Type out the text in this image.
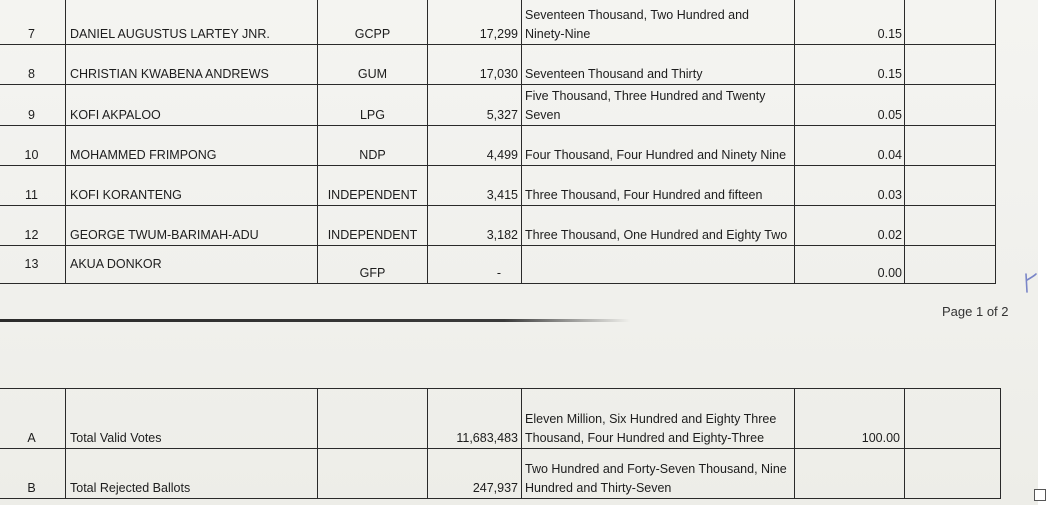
7	DANIEL AUGUSTUS LARTEY JNR.	GCPP	17,299	Seventeen Thousand, Two Hundred and Ninety-Nine	0.15	
8	CHRISTIAN KWABENA ANDREWS	GUM	17,030	Seventeen Thousand and Thirty	0.15	
9	KOFI AKPALOO	LPG	5,327	Five Thousand, Three Hundred and Twenty Seven	0.05	
10	MOHAMMED FRIMPONG	NDP	4,499	Four Thousand, Four Hundred and Ninety Nine	0.04	
11	KOFI KORANTENG	INDEPENDENT	3,415	Three Thousand, Four Hundred and fifteen	0.03	
12	GEORGE TWUM-BARIMAH-ADU	INDEPENDENT	3,182	Three Thousand, One Hundred and Eighty Two	0.02	
13	AKUA DONKOR	GFP	-		0.00	
Page 1 of 2
A	Total Valid Votes		11,683,483	Eleven Million, Six Hundred and Eighty Three Thousand, Four Hundred and Eighty-Three	100.00	
B	Total Rejected Ballots		247,937	Two Hundred and Forty-Seven Thousand, Nine Hundred and Thirty-Seven		
